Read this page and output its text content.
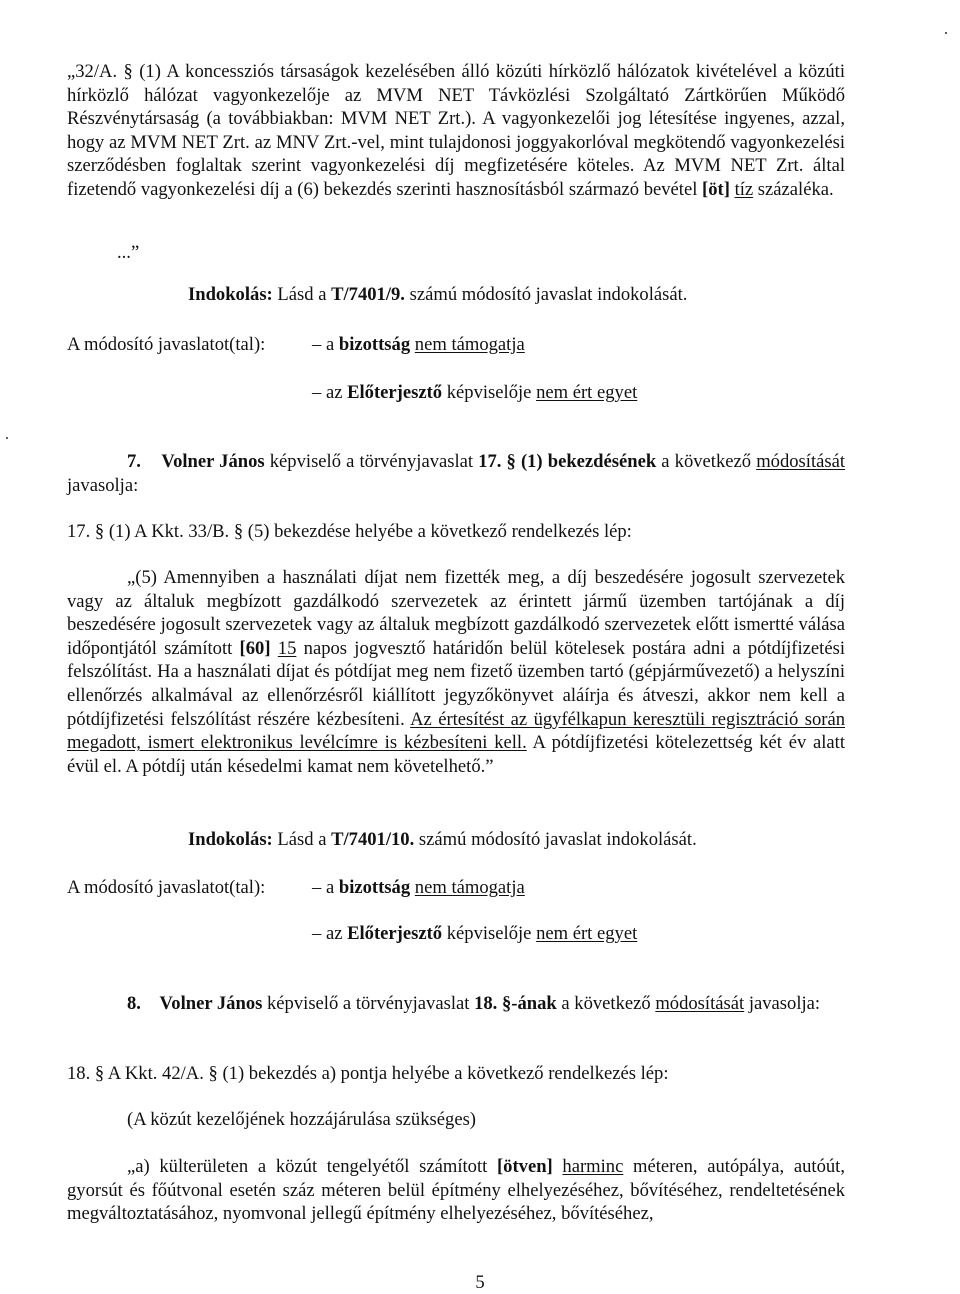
„32/A. § (1) A koncessziós társaságok kezelésében álló közúti hírközlő hálózatok kivételével a közúti hírközlő hálózat vagyonkezelője az MVM NET Távközlési Szolgáltató Zártkörűen Működő Részvénytársaság (a továbbiakban: MVM NET Zrt.). A vagyonkezelői jog létesítése ingyenes, azzal, hogy az MVM NET Zrt. az MNV Zrt.-vel, mint tulajdonosi joggyakorlóval megkötendő vagyonkezelési szerződésben foglaltak szerint vagyonkezelési díj megfizetésére köteles. Az MVM NET Zrt. által fizetendő vagyonkezelési díj a (6) bekezdés szerinti hasznosításból származó bevétel [öt] tíz százaléka.
...”
Indokolás: Lásd a T/7401/9. számú módosító javaslat indokolását.
A módosító javaslatot(tal):	– a bizottság nem támogatja
– az Előterjesztő képviselője nem ért egyet
7. Volner János képviselő a törvényjavaslat 17. § (1) bekezdésének a következő módosítását javasolja:
17. § (1) A Kkt. 33/B. § (5) bekezdése helyébe a következő rendelkezés lép:
„(5) Amennyiben a használati díjat nem fizették meg, a díj beszedésére jogosult szervezetek vagy az általuk megbízott gazdálkodó szervezetek az érintett jármű üzemben tartójának a díj beszedésére jogosult szervezetek vagy az általuk megbízott gazdálkodó szervezetek előtt ismertté válása időpontjától számított [60] 15 napos jogvesztő határidőn belül kötelesek postára adni a pótdíjfizetési felszólítást. Ha a használati díjat és pótdíjat meg nem fizető üzemben tartó (gépjárművezető) a helyszíni ellenőrzés alkalmával az ellenőrzésről kiállított jegyzőkönyvet aláírja és átveszi, akkor nem kell a pótdíjfizetési felszólítást részére kézbesíteni. Az értesítést az ügyfélkapun keresztüli regisztráció során megadott, ismert elektronikus levélcímre is kézbesíteni kell. A pótdíjfizetési kötelezettség két év alatt évül el. A pótdíj után késedelmi kamat nem követelhető.”
Indokolás: Lásd a T/7401/10. számú módosító javaslat indokolását.
A módosító javaslatot(tal):	– a bizottság nem támogatja
– az Előterjesztő képviselője nem ért egyet
8. Volner János képviselő a törvényjavaslat 18. §-ának a következő módosítását javasolja:
18. § A Kkt. 42/A. § (1) bekezdés a) pontja helyébe a következő rendelkezés lép:
(A közút kezelőjének hozzájárulása szükséges)
„a) külterületen a közút tengelyétől számított [ötven] harminc méteren, autópálya, autóút, gyorsút és főútvonal esetén száz méteren belül építmény elhelyezéséhez, bővítéséhez, rendeltetésének megváltoztatásához, nyomvonal jellegű építmény elhelyezéséhez, bővítéséhez,
5
